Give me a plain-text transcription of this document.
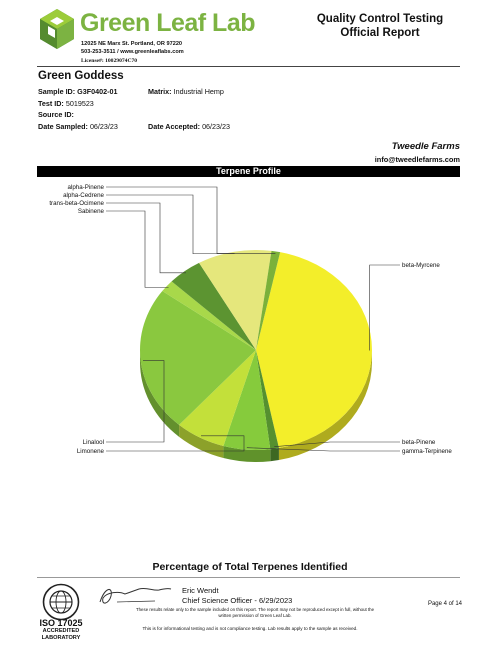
Green Leaf Lab
12025 NE Marx St. Portland, OR 97220
503-253-3511 / www.greenleaflabs.com
License#: 10029074C70
Quality Control Testing
Official Report
Green Goddess
Sample ID: G3F0402-01	Matrix: Industrial Hemp
Test ID: 5019523
Source ID:
Date Sampled: 06/23/23	Date Accepted: 06/23/23
Tweedle Farms
info@tweedlefarms.com
Terpene Profile
beta-Myrcene
beta-Pinene
gamma-Terpinene
Limonene
Linalool
Sabinene
trans-beta-Ocimene
alpha-Cedrene
alpha-Pinene
Percentage of Total Terpenes Identified
ISO 17025
ACCREDITED
LABORATORY
Eric Wendt
Chief Science Officer - 6/29/2023
These results relate only to the sample included on this report. The report may not be reproduced except in full, without the
written permission of Green Leaf Lab.
This is for informational testing and is not compliance testing. Lab results apply to the sample as received.
Page 4 of 14
